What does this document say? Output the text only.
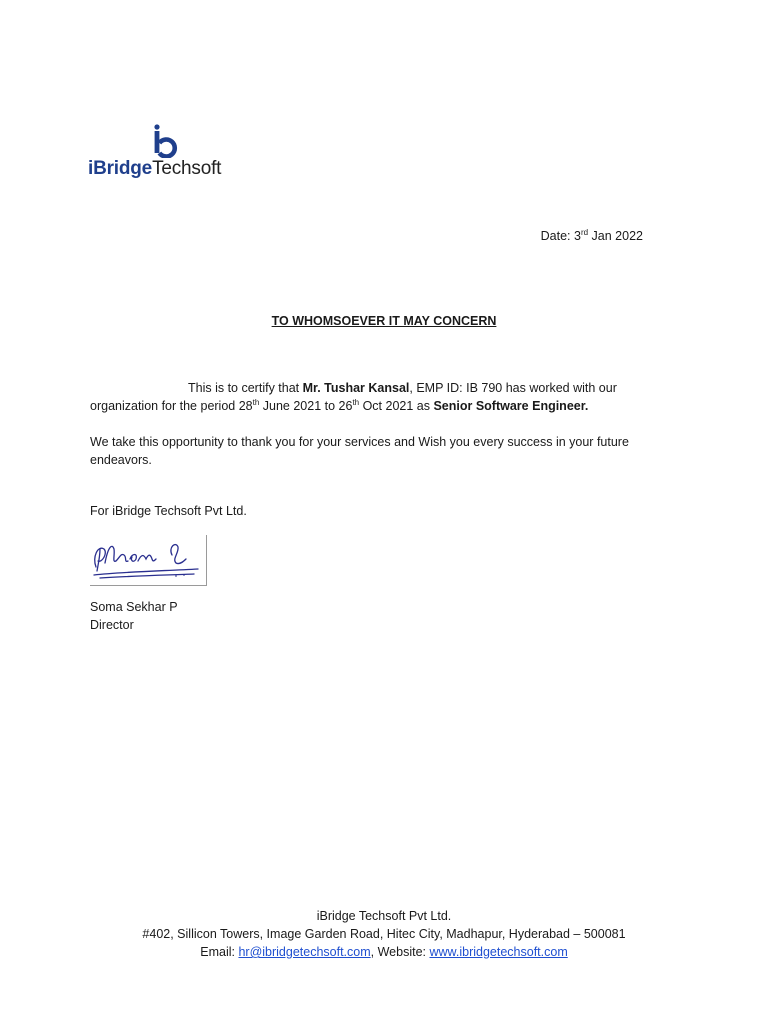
iBridgeTechsoft
Date: 3rd Jan 2022
TO WHOMSOEVER IT MAY CONCERN
This is to certify that Mr. Tushar Kansal, EMP ID: IB 790 has worked with our organization for the period 28th June 2021 to 26th Oct 2021 as Senior Software Engineer.
We take this opportunity to thank you for your services and Wish you every success in your future endeavors.
For iBridge Techsoft Pvt Ltd.
Soma Sekhar P
Director
iBridge Techsoft Pvt Ltd.
#402, Sillicon Towers, Image Garden Road, Hitec City, Madhapur, Hyderabad – 500081
Email: hr@ibridgetechsoft.com, Website: www.ibridgetechsoft.com
